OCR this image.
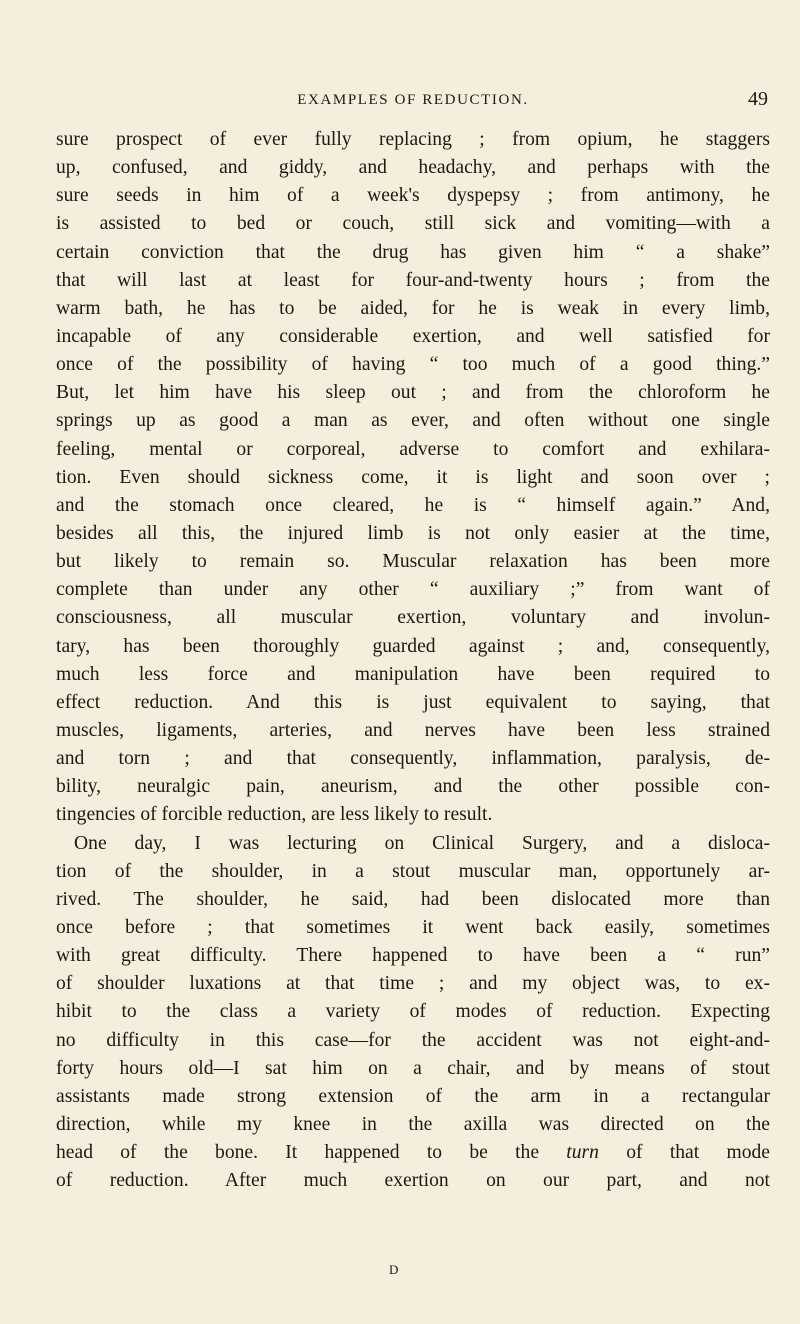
EXAMPLES OF REDUCTION.	49
sure prospect of ever fully replacing ; from opium, he staggers
up, confused, and giddy, and headachy, and perhaps with the
sure seeds in him of a week's dyspepsy ; from antimony, he
is assisted to bed or couch, still sick and vomiting—with a
certain conviction that the drug has given him “ a shake”
that will last at least for four-and-twenty hours ; from the
warm bath, he has to be aided, for he is weak in every limb,
incapable of any considerable exertion, and well satisfied for
once of the possibility of having “ too much of a good thing.”
But, let him have his sleep out ; and from the chloroform he
springs up as good a man as ever, and often without one single
feeling, mental or corporeal, adverse to comfort and exhilara-
tion. Even should sickness come, it is light and soon over ;
and the stomach once cleared, he is “ himself again.” And,
besides all this, the injured limb is not only easier at the time,
but likely to remain so. Muscular relaxation has been more
complete than under any other “ auxiliary ;” from want of
consciousness, all muscular exertion, voluntary and involun-
tary, has been thoroughly guarded against ; and, consequently,
much less force and manipulation have been required to
effect reduction. And this is just equivalent to saying, that
muscles, ligaments, arteries, and nerves have been less strained
and torn ; and that consequently, inflammation, paralysis, de-
bility, neuralgic pain, aneurism, and the other possible con-
tingencies of forcible reduction, are less likely to result.
One day, I was lecturing on Clinical Surgery, and a disloca-
tion of the shoulder, in a stout muscular man, opportunely ar-
rived. The shoulder, he said, had been dislocated more than
once before ; that sometimes it went back easily, sometimes
with great difficulty. There happened to have been a “ run”
of shoulder luxations at that time ; and my object was, to ex-
hibit to the class a variety of modes of reduction. Expecting
no difficulty in this case—for the accident was not eight-and-
forty hours old—I sat him on a chair, and by means of stout
assistants made strong extension of the arm in a rectangular
direction, while my knee in the axilla was directed on the
head of the bone. It happened to be the turn of that mode
of reduction. After much exertion on our part, and not
D
